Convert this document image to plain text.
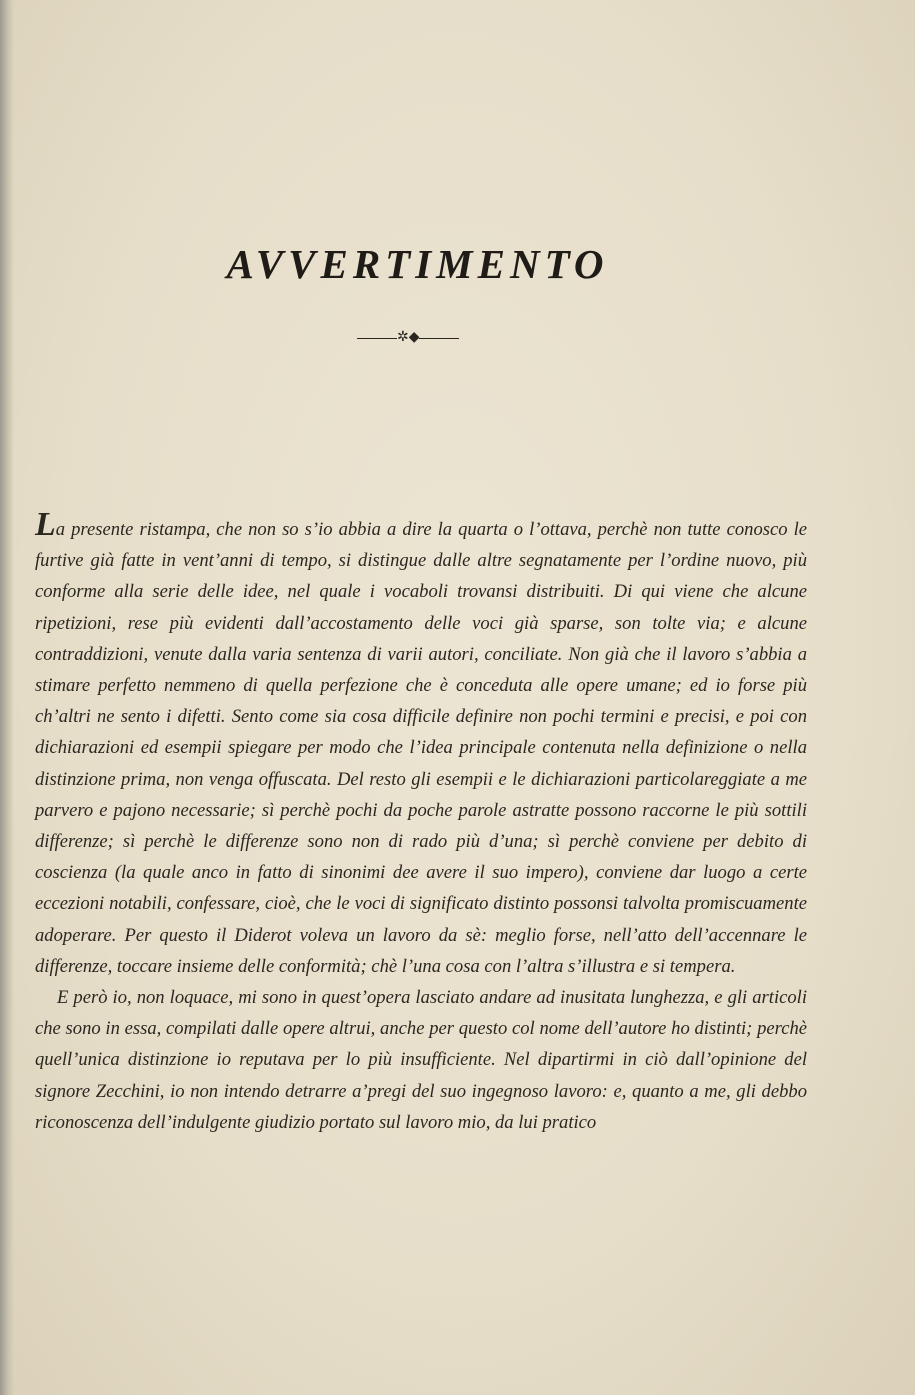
AVVERTIMENTO
✲◆

La presente ristampa, che non so s’io abbia a dire la quarta o l’ottava, perchè non tutte conosco le furtive già fatte in vent’anni di tempo, si distingue dalle altre segnatamente per l’ordine nuovo, più conforme alla serie delle idee, nel quale i vocaboli trovansi distribuiti. Di qui viene che alcune ripetizioni, rese più evidenti dall’accostamento delle voci già sparse, son tolte via; e alcune contraddizioni, venute dalla varia sentenza di varii autori, conciliate. Non già che il lavoro s’abbia a stimare perfetto nemmeno di quella perfezione che è conceduta alle opere umane; ed io forse più ch’altri ne sento i difetti. Sento come sia cosa difficile definire non pochi termini e precisi, e poi con dichiarazioni ed esempii spiegare per modo che l’idea principale contenuta nella definizione o nella distinzione prima, non venga offuscata. Del resto gli esempii e le dichiarazioni particolareggiate a me parvero e pajono necessarie; sì perchè pochi da poche parole astratte possono raccorne le più sottili differenze; sì perchè le differenze sono non di rado più d’una; sì perchè conviene per debito di coscienza (la quale anco in fatto di sinonimi dee avere il suo impero), conviene dar luogo a certe eccezioni notabili, confessare, cioè, che le voci di significato distinto possonsi talvolta promiscuamente adoperare. Per questo il Diderot voleva un lavoro da sè: meglio forse, nell’atto dell’accennare le differenze, toccare insieme delle conformità; chè l’una cosa con l’altra s’illustra e si tempera.

E però io, non loquace, mi sono in quest’opera lasciato andare ad inusitata lunghezza, e gli articoli che sono in essa, compilati dalle opere altrui, anche per questo col nome dell’autore ho distinti; perchè quell’unica distinzione io reputava per lo più insufficiente. Nel dipartirmi in ciò dall’opinione del signore Zecchini, io non intendo detrarre a’pregi del suo ingegnoso lavoro: e, quanto a me, gli debbo riconoscenza dell’indulgente giudizio portato sul lavoro mio, da lui pratico
